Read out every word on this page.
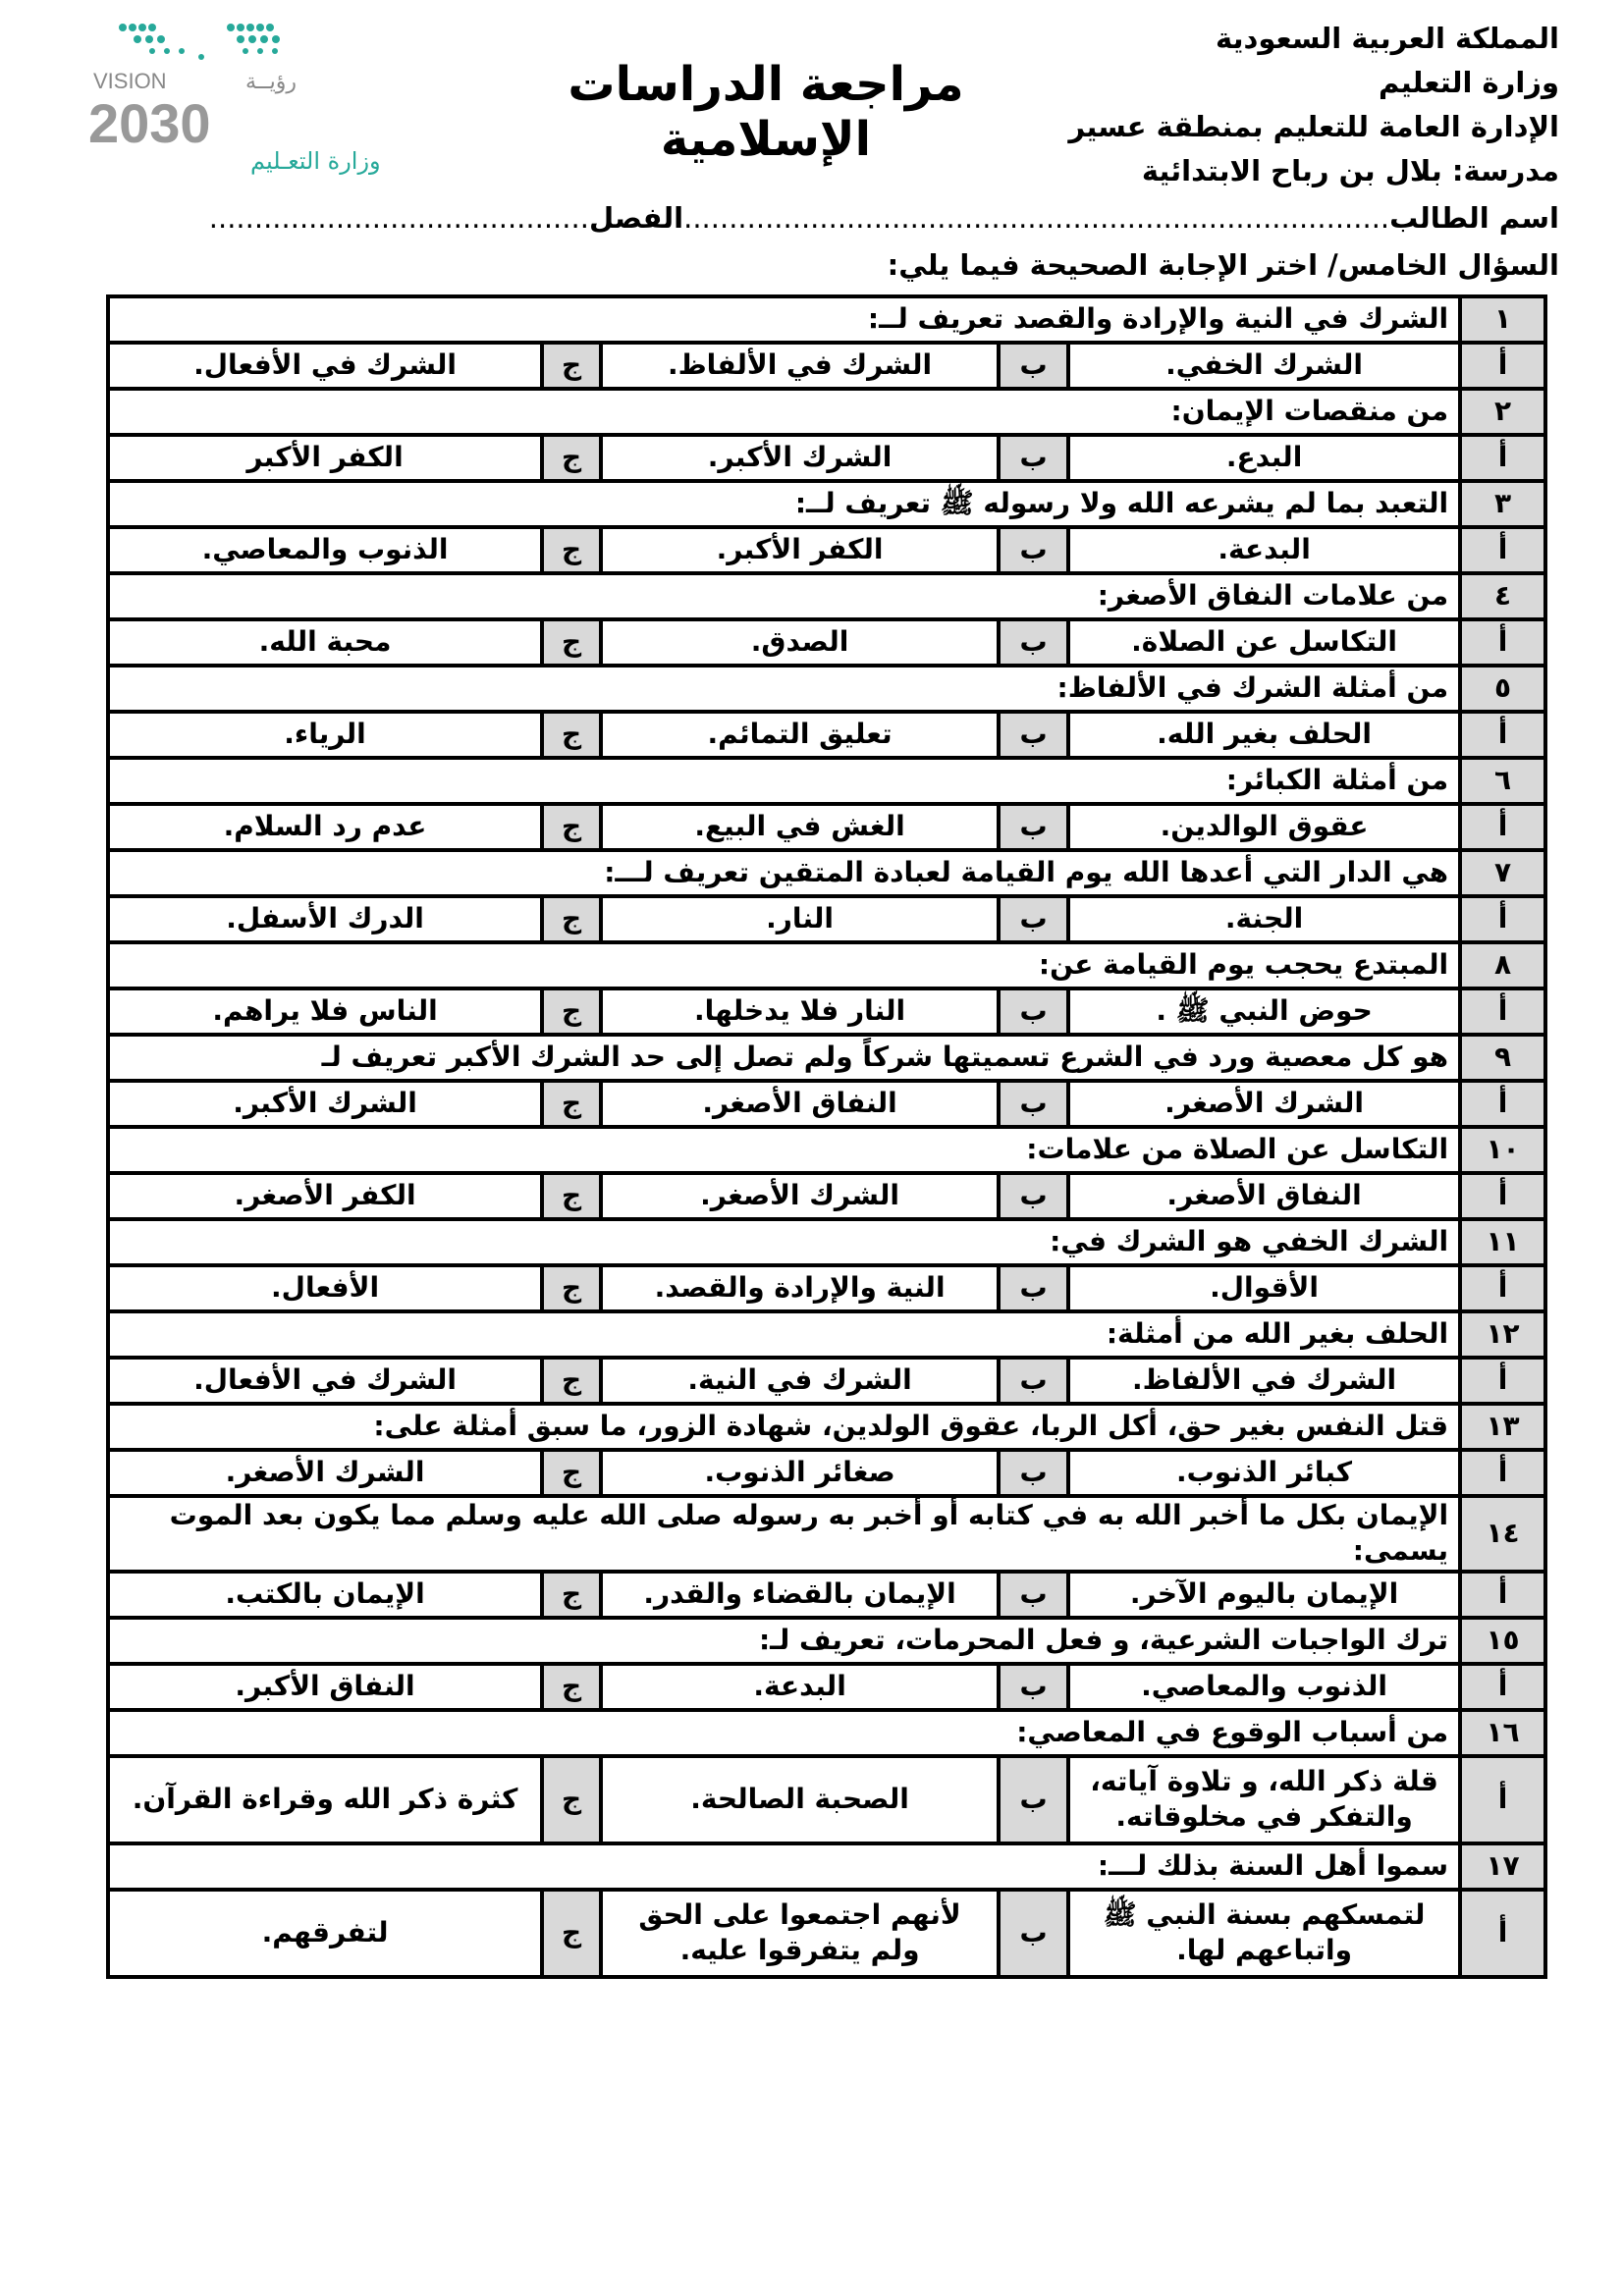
VISION	رؤيــة
2030
وزارة التعـليم
مراجعة الدراسات الإسلامية
المملكة العربية السعودية
وزارة التعليم
الإدارة العامة للتعليم بمنطقة عسير
مدرسة: بلال بن رباح الابتدائية
اسم الطالب..............................................................................الفصل..........................................
السؤال الخامس/ اختر الإجابة الصحيحة فيما يلي:
١	الشرك في النية والإرادة والقصد تعريف لــ:				
أ	الشرك الخفي.	ب	الشرك في الألفاظ.	ج	الشرك في الأفعال.
٢	من منقصات الإيمان:				
أ	البدع.	ب	الشرك الأكبر.	ج	الكفر الأكبر
٣	التعبد بما لم يشرعه الله ولا رسوله ﷺ تعريف لــ:				
أ	البدعة.	ب	الكفر الأكبر.	ج	الذنوب والمعاصي.
٤	من علامات النفاق الأصغر:				
أ	التكاسل عن الصلاة.	ب	الصدق.	ج	محبة الله.
٥	من أمثلة الشرك في الألفاظ:				
أ	الحلف بغير الله.	ب	تعليق التمائم.	ج	الرياء.
٦	من أمثلة الكبائر:				
أ	عقوق الوالدين.	ب	الغش في البيع.	ج	عدم رد السلام.
٧	هي الدار التي أعدها الله يوم القيامة لعبادة المتقين تعريف لـــ:				
أ	الجنة.	ب	النار.	ج	الدرك الأسفل.
٨	المبتدع يحجب يوم القيامة عن:				
أ	حوض النبي ﷺ .	ب	النار فلا يدخلها.	ج	الناس فلا يراهم.
٩	هو كل معصية ورد في الشرع تسميتها شركاً ولم تصل إلى حد الشرك الأكبر تعريف لـ				
أ	الشرك الأصغر.	ب	النفاق الأصغر.	ج	الشرك الأكبر.
١٠	التكاسل عن الصلاة من علامات:				
أ	النفاق الأصغر.	ب	الشرك الأصغر.	ج	الكفر الأصغر.
١١	الشرك الخفي هو الشرك في:				
أ	الأقوال.	ب	النية والإرادة والقصد.	ج	الأفعال.
١٢	الحلف بغير الله من أمثلة:				
أ	الشرك في الألفاظ.	ب	الشرك في النية.	ج	الشرك في الأفعال.
١٣	قتل النفس بغير حق، أكل الربا، عقوق الولدين، شهادة الزور، ما سبق أمثلة على:				
أ	كبائر الذنوب.	ب	صغائر الذنوب.	ج	الشرك الأصغر.
١٤	الإيمان بكل ما أخبر الله به في كتابه أو أخبر به رسوله صلى الله عليه وسلم مما يكون بعد الموت يسمى:				
أ	الإيمان باليوم الآخر.	ب	الإيمان بالقضاء والقدر.	ج	الإيمان بالكتب.
١٥	ترك الواجبات الشرعية، و فعل المحرمات، تعريف لـ:				
أ	الذنوب والمعاصي.	ب	البدعة.	ج	النفاق الأكبر.
١٦	من أسباب الوقوع في المعاصي:				
أ	قلة ذكر الله، و تلاوة آياته، والتفكر في مخلوقاته.	ب	الصحبة الصالحة.	ج	كثرة ذكر الله وقراءة القرآن.
١٧	سموا أهل السنة بذلك لـــ:				
أ	لتمسكهم بسنة النبي ﷺ واتباعهم لها.	ب	لأنهم اجتمعوا على الحق ولم يتفرقوا عليه.	ج	لتفرقهم.
